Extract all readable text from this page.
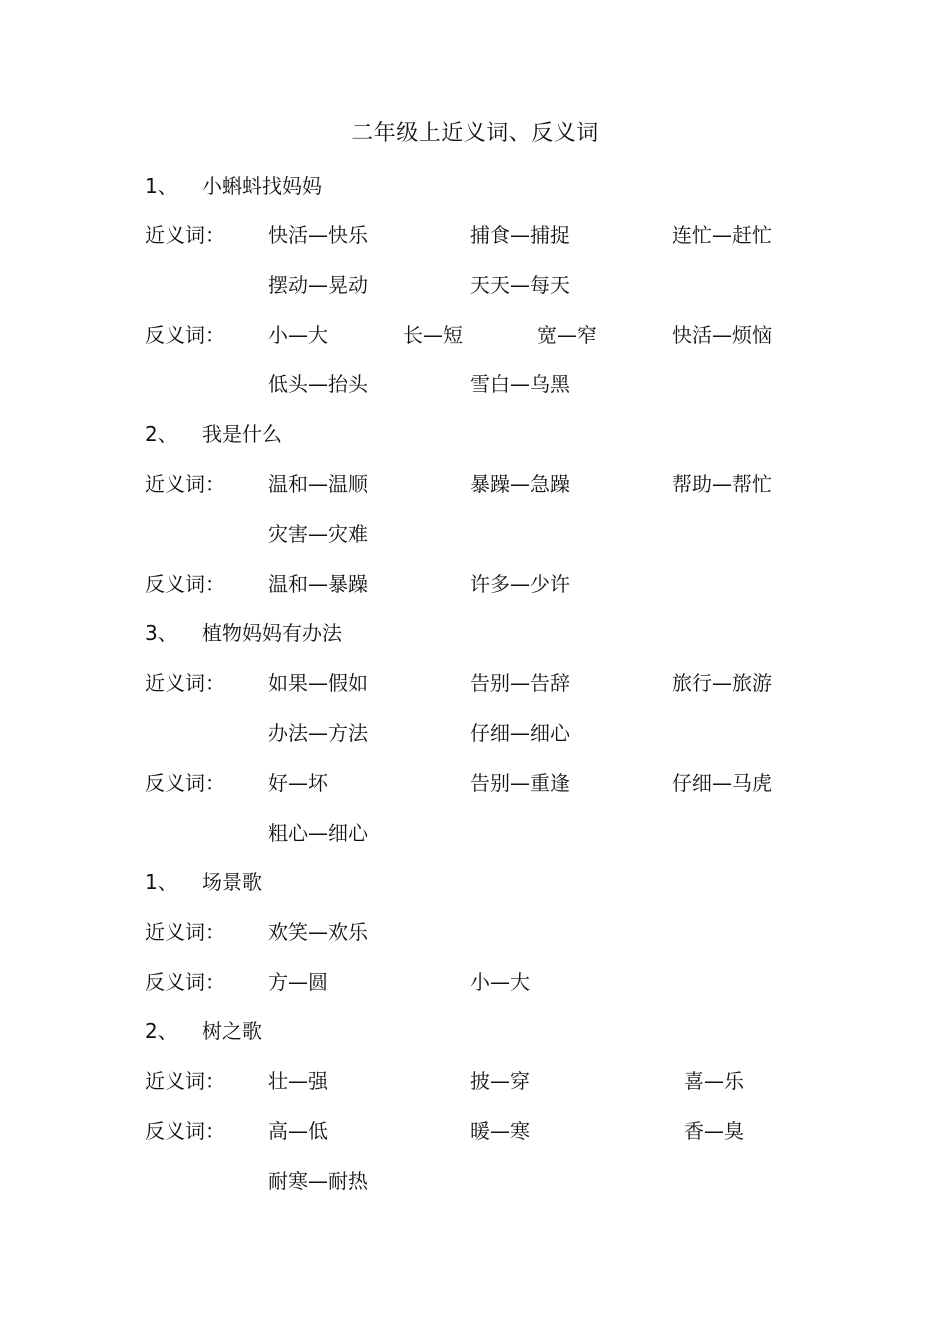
二年级上近义词、反义词
1、 小蝌蚪找妈妈
近义词： 快活—快乐	捕食—捕捉	连忙—赶忙
摆动—晃动	天天—每天
反义词： 小—大	长—短	宽—窄	快活—烦恼
低头—抬头	雪白—乌黑
2、 我是什么
近义词： 温和—温顺	暴躁—急躁	帮助—帮忙
灾害—灾难
反义词： 温和—暴躁	许多—少许
3、 植物妈妈有办法
近义词： 如果—假如	告别—告辞	旅行—旅游
办法—方法	仔细—细心
反义词： 好—坏	告别—重逢	仔细—马虎
粗心—细心
1、 场景歌
近义词： 欢笑—欢乐
反义词： 方—圆	小—大
2、 树之歌
近义词： 壮—强	披—穿	喜—乐
反义词： 高—低	暖—寒	香—臭
耐寒—耐热
